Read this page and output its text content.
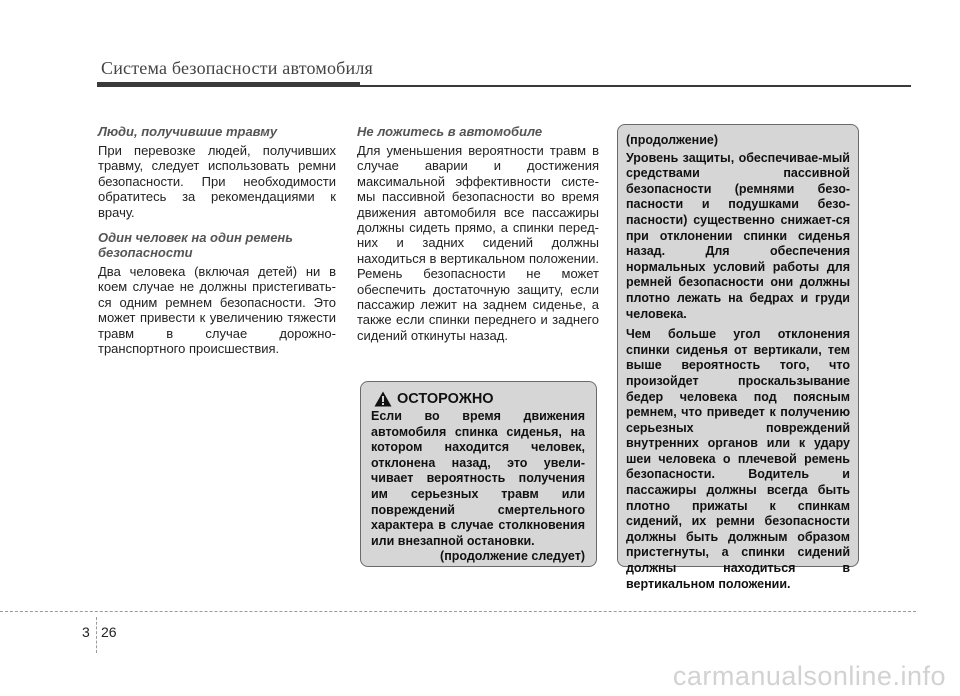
Система безопасности автомобиля
Люди, получившие травму

При перевозке людей, получивших травму, следует использовать ремни безопасности. При необходимости обратитесь за рекомендациями к врачу.

Один человек на один ремень безопасности

Два человека (включая детей) ни в коем случае не должны пристегивать-ся одним ремнем безопасности. Это может привести к увеличению тяжести травм в случае дорожно-транспортного происшествия.

Не ложитесь в автомобиле

Для уменьшения вероятности травм в случае аварии и достижения максимальной эффективности систе-мы пассивной безопасности во время движения автомобиля все пассажиры должны сидеть прямо, а спинки перед-них и задних сидений должны находиться в вертикальном положении. Ремень безопасности не может обеспечить достаточную защиту, если пассажир лежит на заднем сиденье, а также если спинки переднего и заднего сидений откинуты назад.

ОСТОРОЖНО

Если во время движения автомобиля спинка сиденья, на котором находится человек, отклонена назад, это увели-чивает вероятность получения им серьезных травм или повреждений смертельного характера в случае столкновения или внезапной остановки.

(продолжение следует)

(продолжение)

Уровень защиты, обеспечивае-мый средствами пассивной безопасности (ремнями безо-пасности и подушками безо-пасности) существенно снижает-ся при отклонении спинки сиденья назад. Для обеспечения нормальных условий работы для ремней безопасности они должны плотно лежать на бедрах и груди человека.

Чем больше угол отклонения спинки сиденья от вертикали, тем выше вероятность того, что произойдет проскальзывание бедер человека под поясным ремнем, что приведет к получению серьезных повреждений внутренних органов или к удару шеи человека о плечевой ремень безопасности. Водитель и пассажиры должны всегда быть плотно прижаты к спинкам сидений, их ремни безопасности должны быть должным образом пристегнуты, а спинки сидений должны находиться в вертикальном положении.

3 26
carmanualsonline.info
